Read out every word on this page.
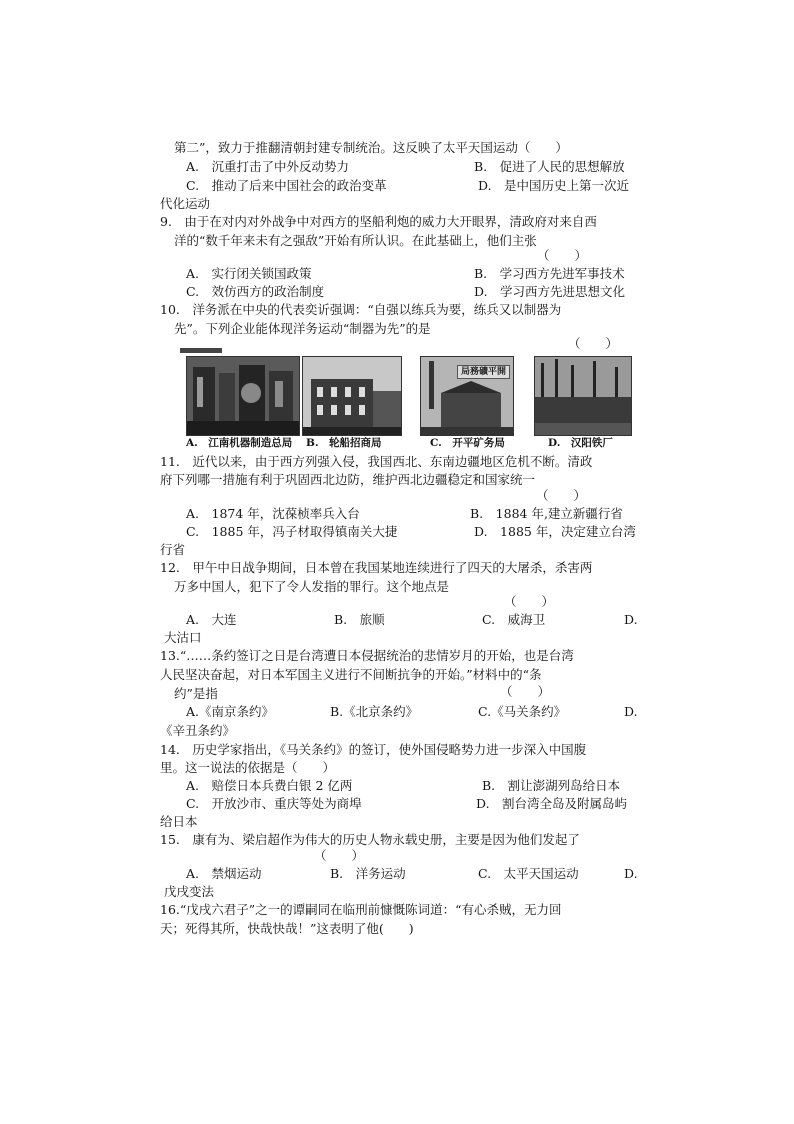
第二”，致力于推翻清朝封建专制统治。这反映了太平天国运动（　　）
A.　沉重打击了中外反动势力	B.　促进了人民的思想解放
C.　推动了后来中国社会的政治变革	D.　是中国历史上第一次近
代化运动
9.　由于在对内对外战争中对西方的坚船利炮的威力大开眼界，清政府对来自西
洋的“数千年来未有之强敌”开始有所认识。在此基础上，他们主张
（　　）
A.　实行闭关锁国政策	B.　学习西方先进军事技术
C.　效仿西方的政治制度	D.　学习西方先进思想文化
10.　洋务派在中央的代表奕䜣强调：“自强以练兵为要，练兵又以制器为
先”。下列企业能体现洋务运动“制器为先”的是
（　　）
局務礦平開
A.　江南机器制造总局 B.　轮船招商局	C.　开平矿务局	D.　汉阳铁厂
11.　近代以来，由于西方列强入侵，我国西北、东南边疆地区危机不断。清政
府下列哪一措施有利于巩固西北边防，维护西北边疆稳定和国家统一
（　　）
A.　1874 年，沈葆桢率兵入台	B.　1884 年,建立新疆行省
C.　1885 年，冯子材取得镇南关大捷	D.　1885 年，决定建立台湾
行省
12.　甲午中日战争期间，日本曾在我国某地连续进行了四天的大屠杀，杀害两
万多中国人，犯下了令人发指的罪行。这个地点是
（　　）
A.　大连	B.　旅顺	C.　威海卫	D.
大沽口
13.“……条约签订之日是台湾遭日本侵据统治的悲情岁月的开始，也是台湾
人民坚决奋起，对日本军国主义进行不间断抗争的开始。”材料中的“条
约”是指	（　　）
A.《南京条约》	B.《北京条约》	C.《马关条约》	D.
《辛丑条约》
14.　历史学家指出，《马关条约》的签订，使外国侵略势力进一步深入中国腹
里。这一说法的依据是（　　）
A.　赔偿日本兵费白银 2 亿两	B.　割让澎湖列岛给日本
C.　开放沙市、重庆等处为商埠	D.　割台湾全岛及附属岛屿
给日本
15.　康有为、梁启超作为伟大的历史人物永载史册，主要是因为他们发起了
（　　）
A.　禁烟运动	B.　洋务运动	C.　太平天国运动	D.
戊戌变法
16.“戊戌六君子”之一的谭嗣同在临刑前慷慨陈词道：“有心杀贼，无力回
天；死得其所，快哉快哉！”这表明了他(　　)
